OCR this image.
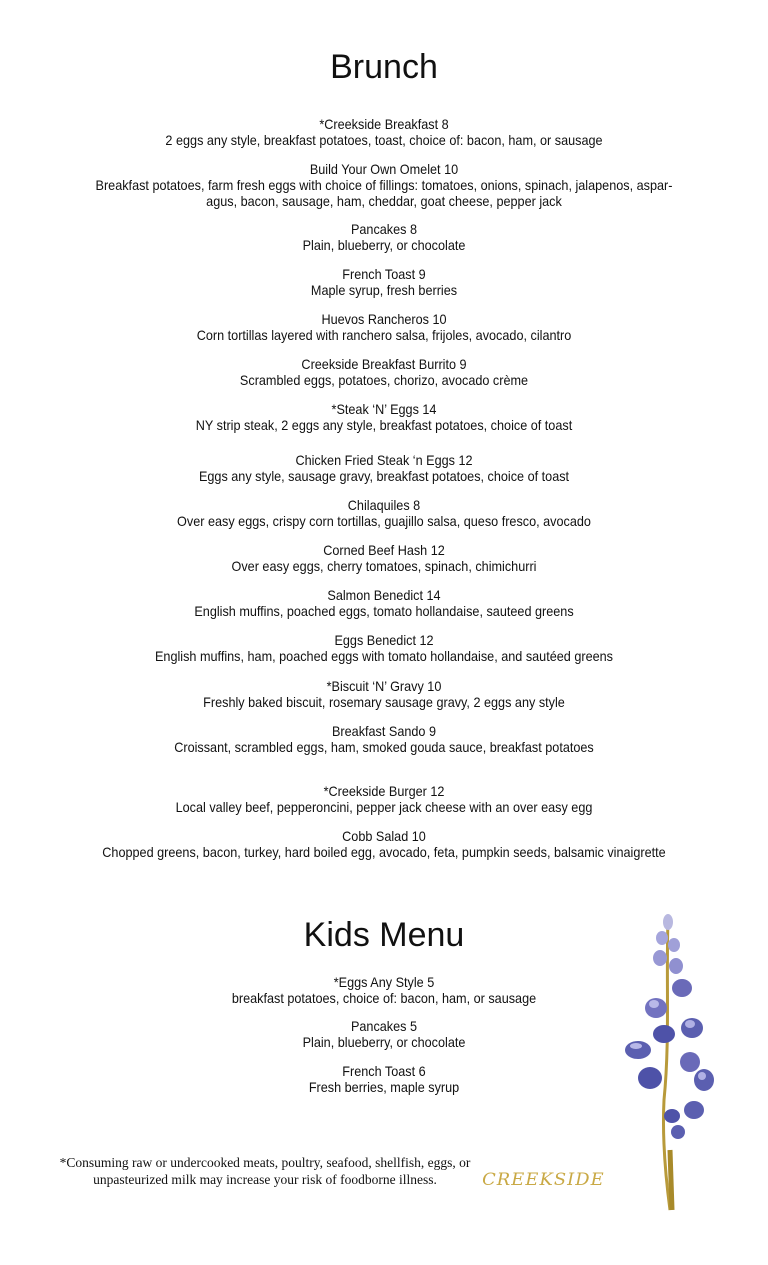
Brunch
*Creekside Breakfast 8
2 eggs any style, breakfast potatoes, toast, choice of: bacon, ham, or sausage
Build Your Own Omelet 10
Breakfast potatoes, farm fresh eggs with choice of fillings: tomatoes, onions, spinach, jalapenos, aspar-
agus, bacon, sausage, ham, cheddar, goat cheese, pepper jack
Pancakes 8
Plain, blueberry, or chocolate
French Toast 9
Maple syrup, fresh berries
Huevos Rancheros 10
Corn tortillas layered with ranchero salsa, frijoles, avocado, cilantro
Creekside Breakfast Burrito 9
Scrambled eggs, potatoes, chorizo, avocado crème
*Steak ‘N’ Eggs 14
NY strip steak, 2 eggs any style, breakfast potatoes, choice of toast
Chicken Fried Steak ‘n Eggs 12
Eggs any style, sausage gravy, breakfast potatoes, choice of toast
Chilaquiles 8
Over easy eggs, crispy corn tortillas, guajillo salsa, queso fresco, avocado
Corned Beef Hash 12
Over easy eggs, cherry tomatoes, spinach, chimichurri
Salmon Benedict 14
English muffins, poached eggs, tomato hollandaise, sauteed greens
Eggs Benedict 12
English muffins, ham, poached eggs with tomato hollandaise, and sautéed greens
*Biscuit ‘N’ Gravy 10
Freshly baked biscuit, rosemary sausage gravy, 2 eggs any style
Breakfast Sando 9
Croissant, scrambled eggs, ham, smoked gouda sauce, breakfast potatoes
*Creekside Burger 12
Local valley beef, pepperoncini, pepper jack cheese with an over easy egg
Cobb Salad 10
Chopped greens, bacon, turkey, hard boiled egg, avocado, feta, pumpkin seeds, balsamic vinaigrette
Kids Menu
*Eggs Any Style 5
breakfast potatoes, choice of: bacon, ham, or sausage
Pancakes 5
Plain, blueberry, or chocolate
French Toast 6
Fresh berries, maple syrup
*Consuming raw or undercooked meats, poultry, seafood, shellfish, eggs, or unpasteurized milk may increase your risk of foodborne illness.	CREEKSIDE
